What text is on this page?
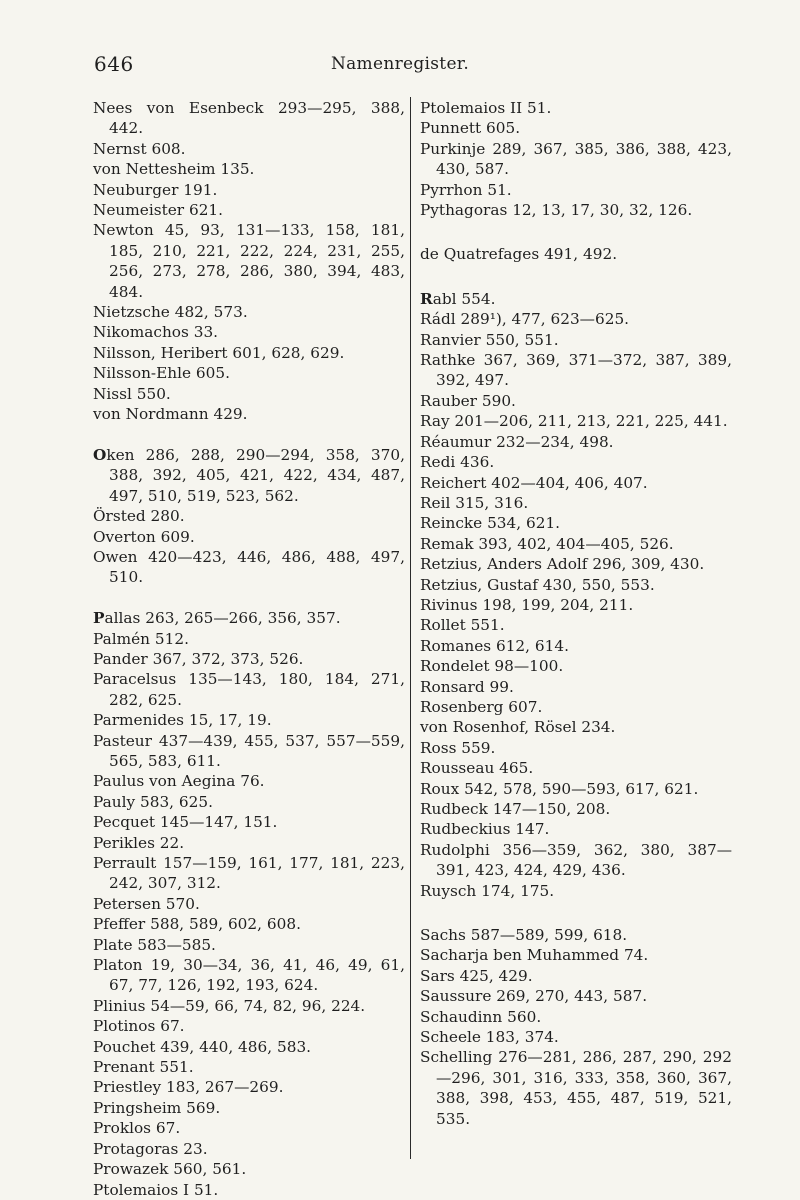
646	Namenregister.
Nees von Esenbeck 293—295, 388, 442.
Nernst 608.
von Nettesheim 135.
Neuburger 191.
Neumeister 621.
Newton 45, 93, 131—133, 158, 181, 185, 210, 221, 222, 224, 231, 255, 256, 273, 278, 286, 380, 394, 483, 484.
Nietzsche 482, 573.
Nikomachos 33.
Nilsson, Heribert 601, 628, 629.
Nilsson-Ehle 605.
Nissl 550.
von Nordmann 429.
Oken 286, 288, 290—294, 358, 370, 388, 392, 405, 421, 422, 434, 487, 497, 510, 519, 523, 562.
Örsted 280.
Overton 609.
Owen 420—423, 446, 486, 488, 497, 510.
Pallas 263, 265—266, 356, 357.
Palmén 512.
Pander 367, 372, 373, 526.
Paracelsus 135—143, 180, 184, 271, 282, 625.
Parmenides 15, 17, 19.
Pasteur 437—439, 455, 537, 557—559, 565, 583, 611.
Paulus von Aegina 76.
Pauly 583, 625.
Pecquet 145—147, 151.
Perikles 22.
Perrault 157—159, 161, 177, 181, 223, 242, 307, 312.
Petersen 570.
Pfeffer 588, 589, 602, 608.
Plate 583—585.
Platon 19, 30—34, 36, 41, 46, 49, 61, 67, 77, 126, 192, 193, 624.
Plinius 54—59, 66, 74, 82, 96, 224.
Plotinos 67.
Pouchet 439, 440, 486, 583.
Prenant 551.
Priestley 183, 267—269.
Pringsheim 569.
Proklos 67.
Protagoras 23.
Prowazek 560, 561.
Ptolemaios I 51.
Ptolemaios II 51.
Punnett 605.
Purkinje 289, 367, 385, 386, 388, 423, 430, 587.
Pyrrhon 51.
Pythagoras 12, 13, 17, 30, 32, 126.
de Quatrefages 491, 492.
Rabl 554.
Rádl 289¹), 477, 623—625.
Ranvier 550, 551.
Rathke 367, 369, 371—372, 387, 389, 392, 497.
Rauber 590.
Ray 201—206, 211, 213, 221, 225, 441.
Réaumur 232—234, 498.
Redi 436.
Reichert 402—404, 406, 407.
Reil 315, 316.
Reincke 534, 621.
Remak 393, 402, 404—405, 526.
Retzius, Anders Adolf 296, 309, 430.
Retzius, Gustaf 430, 550, 553.
Rivinus 198, 199, 204, 211.
Rollet 551.
Romanes 612, 614.
Rondelet 98—100.
Ronsard 99.
Rosenberg 607.
von Rosenhof, Rösel 234.
Ross 559.
Rousseau 465.
Roux 542, 578, 590—593, 617, 621.
Rudbeck 147—150, 208.
Rudbeckius 147.
Rudolphi 356—359, 362, 380, 387—391, 423, 424, 429, 436.
Ruysch 174, 175.
Sachs 587—589, 599, 618.
Sacharja ben Muhammed 74.
Sars 425, 429.
Saussure 269, 270, 443, 587.
Schaudinn 560.
Scheele 183, 374.
Schelling 276—281, 286, 287, 290, 292—296, 301, 316, 333, 358, 360, 367, 388, 398, 453, 455, 487, 519, 521, 535.
